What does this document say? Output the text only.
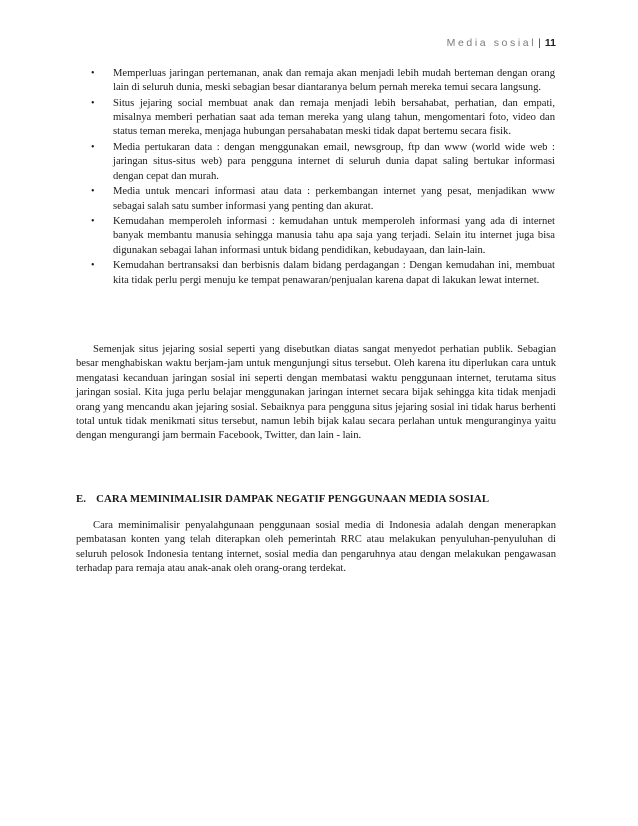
Media sosial | 11
• Memperluas jaringan pertemanan, anak dan remaja akan menjadi lebih mudah berteman dengan orang lain di seluruh dunia, meski sebagian besar diantaranya belum pernah mereka temui secara langsung.
• Situs jejaring social membuat anak dan remaja menjadi lebih bersahabat, perhatian, dan empati, misalnya memberi perhatian saat ada teman mereka yang ulang tahun, mengomentari foto, video dan status teman mereka, menjaga hubungan persahabatan meski tidak dapat bertemu secara fisik.
• Media pertukaran data : dengan menggunakan email, newsgroup, ftp dan www (world wide web : jaringan situs-situs web) para pengguna internet di seluruh dunia dapat saling bertukar informasi dengan cepat dan murah.
• Media untuk mencari informasi atau data : perkembangan internet yang pesat, menjadikan www sebagai salah satu sumber informasi yang penting dan akurat.
• Kemudahan memperoleh informasi : kemudahan untuk memperoleh informasi yang ada di internet banyak membantu manusia sehingga manusia tahu apa saja yang terjadi. Selain itu internet juga bisa digunakan sebagai lahan informasi untuk bidang pendidikan, kebudayaan, dan lain-lain.
• Kemudahan bertransaksi dan berbisnis dalam bidang perdagangan : Dengan kemudahan ini, membuat kita tidak perlu pergi menuju ke tempat penawaran/penjualan karena dapat di lakukan lewat internet.

Semenjak situs jejaring sosial seperti yang disebutkan diatas sangat menyedot perhatian publik. Sebagian besar menghabiskan waktu berjam-jam untuk mengunjungi situs tersebut. Oleh karena itu diperlukan cara untuk mengatasi kecanduan jaringan sosial ini seperti dengan membatasi waktu penggunaan internet, terutama situs jaringan sosial. Kita juga perlu belajar menggunakan jaringan internet secara bijak sehingga kita tidak menjadi orang yang mencandu akan jejaring sosial. Sebaiknya para pengguna situs jejaring sosial ini tidak harus berhenti total untuk tidak menikmati situs tersebut, namun lebih bijak kalau secara perlahan untuk menguranginya yaitu dengan mengurangi jam bermain Facebook, Twitter, dan lain - lain.

E. CARA MEMINIMALISIR DAMPAK NEGATIF PENGGUNAAN MEDIA SOSIAL

Cara meminimalisir penyalahgunaan penggunaan sosial media di Indonesia adalah dengan menerapkan pembatasan konten yang telah diterapkan oleh pemerintah RRC atau melakukan penyuluhan-penyuluhan di seluruh pelosok Indonesia tentang internet, sosial media dan pengaruhnya atau dengan melakukan pengawasan terhadap para remaja atau anak-anak oleh orang-orang terdekat.
